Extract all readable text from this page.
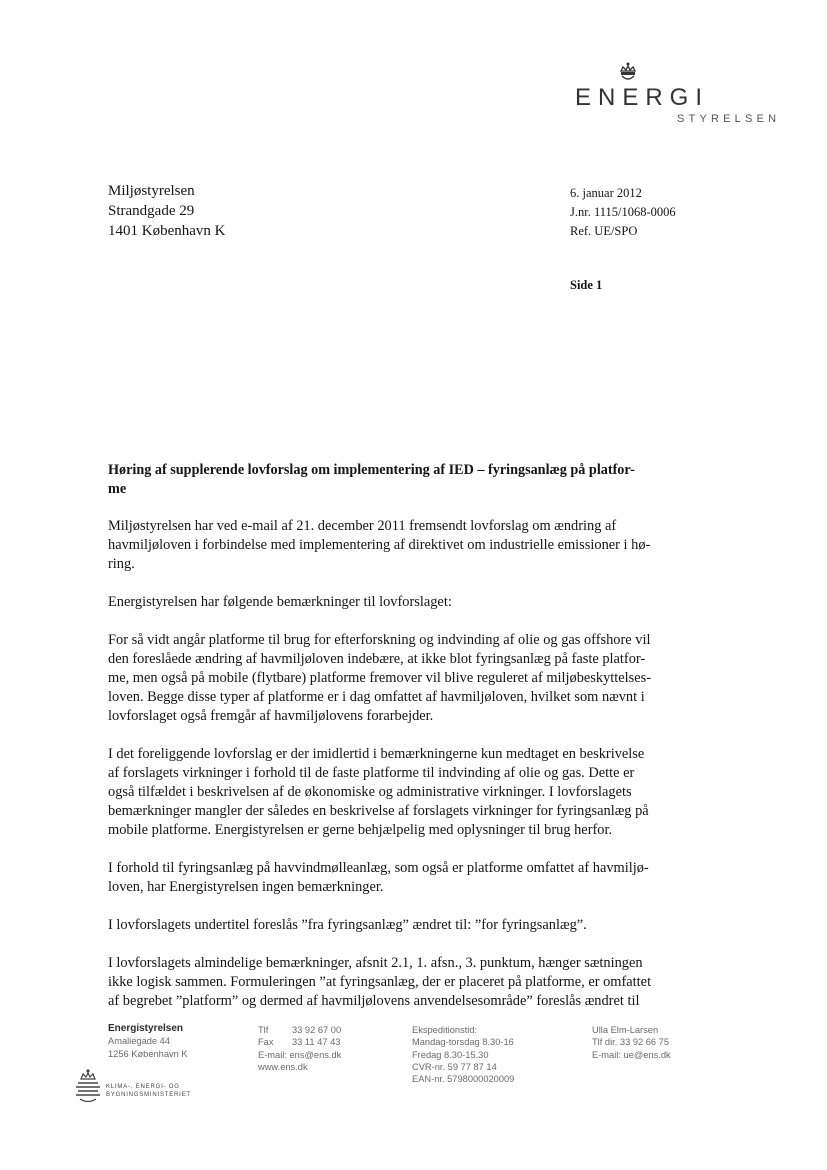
ENERGI
STYRELSEN
Miljøstyrelsen
Strandgade 29
1401 København K
6. januar 2012
J.nr. 1115/1068-0006
Ref. UE/SPO
Side 1
Høring af supplerende lovforslag om implementering af IED – fyringsanlæg på platfor-
me
Miljøstyrelsen har ved e-mail af 21. december 2011 fremsendt lovforslag om ændring af
havmiljøloven i forbindelse med implementering af direktivet om industrielle emissioner i hø-
ring.
Energistyrelsen har følgende bemærkninger til lovforslaget:
For så vidt angår platforme til brug for efterforskning og indvinding af olie og gas offshore vil
den foreslåede ændring af havmiljøloven indebære, at ikke blot fyringsanlæg på faste platfor-
me, men også på mobile (flytbare) platforme fremover vil blive reguleret af miljøbeskyttelses-
loven. Begge disse typer af platforme er i dag omfattet af havmiljøloven, hvilket som nævnt i
lovforslaget også fremgår af havmiljølovens forarbejder.
I det foreliggende lovforslag er der imidlertid i bemærkningerne kun medtaget en beskrivelse
af forslagets virkninger i forhold til de faste platforme til indvinding af olie og gas. Dette er
også tilfældet i beskrivelsen af de økonomiske og administrative virkninger. I lovforslagets
bemærkninger mangler der således en beskrivelse af forslagets virkninger for fyringsanlæg på
mobile platforme. Energistyrelsen er gerne behjælpelig med oplysninger til brug herfor.
I forhold til fyringsanlæg på havvindmølleanlæg, som også er platforme omfattet af havmiljø-
loven, har Energistyrelsen ingen bemærkninger.
I lovforslagets undertitel foreslås ”fra fyringsanlæg” ændret til: ”for fyringsanlæg”.
I lovforslagets almindelige bemærkninger, afsnit 2.1, 1. afsn., 3. punktum, hænger sætningen
ikke logisk sammen. Formuleringen ”at fyringsanlæg, der er placeret på platforme, er omfattet
af begrebet ”platform” og dermed af havmiljølovens anvendelsesområde” foreslås ændret til
Energistyrelsen
Amaliegade 44
1256 København K
Tlf	33 92 67 00
Fax 33 11 47 43
E-mail: ens@ens.dk
www.ens.dk
Ekspeditionstid:
Mandag-torsdag 8.30-16
Fredag 8.30-15.30
CVR-nr. 59 77 87 14
EAN-nr. 5798000020009
Ulla Elm-Larsen
Tlf dir. 33 92 66 75
E-mail: ue@ens.dk
KLIMA-, ENERGI- OG
BYGNINGSMINISTERIET
